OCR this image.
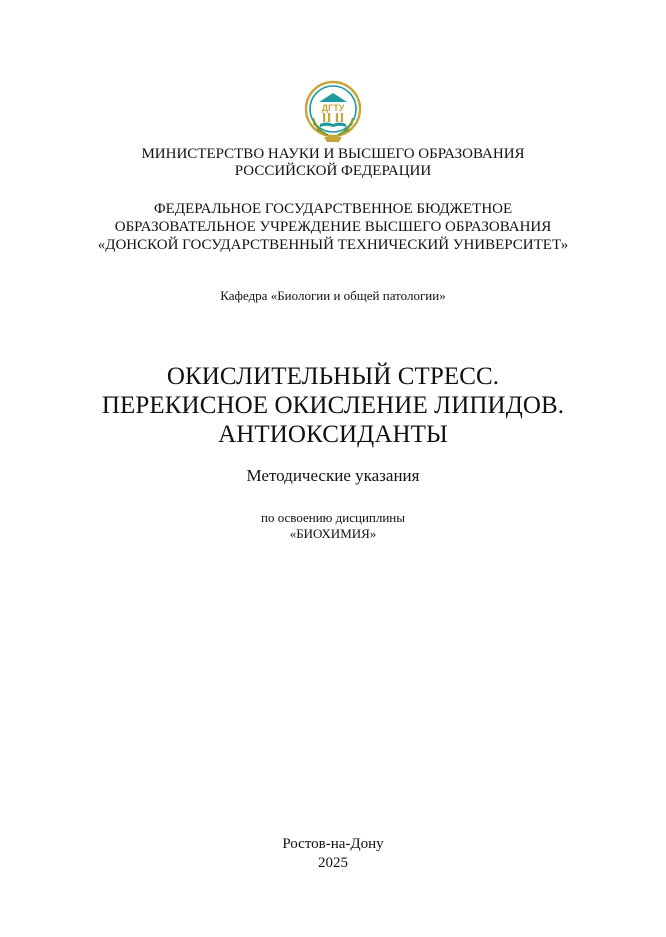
ДГТУ
МИНИСТЕРСТВО НАУКИ И ВЫСШЕГО ОБРАЗОВАНИЯ
РОССИЙСКОЙ ФЕДЕРАЦИИ
ФЕДЕРАЛЬНОЕ ГОСУДАРСТВЕННОЕ БЮДЖЕТНОЕ
ОБРАЗОВАТЕЛЬНОЕ УЧРЕЖДЕНИЕ ВЫСШЕГО ОБРАЗОВАНИЯ
«ДОНСКОЙ ГОСУДАРСТВЕННЫЙ ТЕХНИЧЕСКИЙ УНИВЕРСИТЕТ»
Кафедра «Биологии и общей патологии»
ОКИСЛИТЕЛЬНЫЙ СТРЕСС.
ПЕРЕКИСНОЕ ОКИСЛЕНИЕ ЛИПИДОВ.
АНТИОКСИДАНТЫ
Методические указания
по освоению дисциплины
«БИОХИМИЯ»
Ростов-на-Дону
2025
